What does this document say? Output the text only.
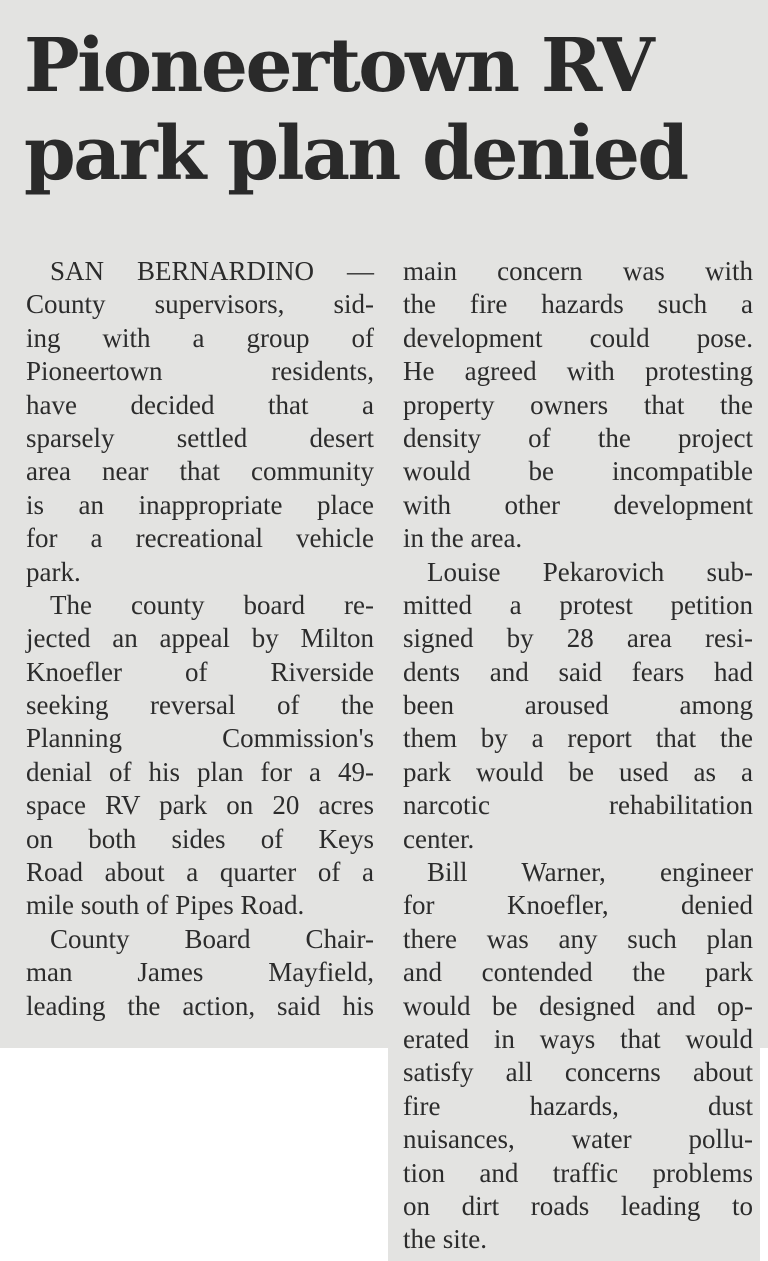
Pioneertown RV
park plan denied
SAN BERNARDINO —
County supervisors, sid-
ing with a group of
Pioneertown residents,
have decided that a
sparsely settled desert
area near that community
is an inappropriate place
for a recreational vehicle
park.
The county board re-
jected an appeal by Milton
Knoefler of Riverside
seeking reversal of the
Planning Commission's
denial of his plan for a 49-
space RV park on 20 acres
on both sides of Keys
Road about a quarter of a
mile south of Pipes Road.
County Board Chair-
man James Mayfield,
leading the action, said his
main concern was with
the fire hazards such a
development could pose.
He agreed with protesting
property owners that the
density of the project
would be incompatible
with other development
in the area.
Louise Pekarovich sub-
mitted a protest petition
signed by 28 area resi-
dents and said fears had
been aroused among
them by a report that the
park would be used as a
narcotic rehabilitation
center.
Bill Warner, engineer
for Knoefler, denied
there was any such plan
and contended the park
would be designed and op-
erated in ways that would
satisfy all concerns about
fire hazards, dust
nuisances, water pollu-
tion and traffic problems
on dirt roads leading to
the site.
